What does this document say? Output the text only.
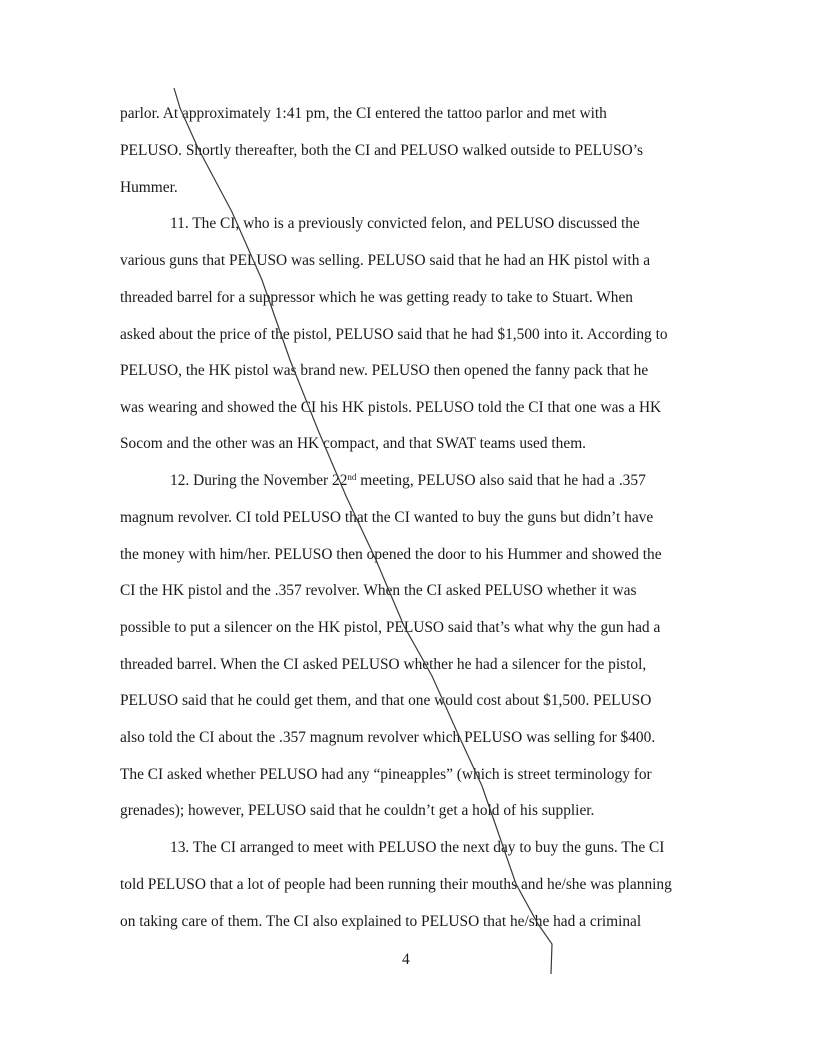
parlor. At approximately 1:41 pm, the CI entered the tattoo parlor and met with
PELUSO. Shortly thereafter, both the CI and PELUSO walked outside to PELUSO’s
Hummer.
11. The CI, who is a previously convicted felon, and PELUSO discussed the
various guns that PELUSO was selling. PELUSO said that he had an HK pistol with a
threaded barrel for a suppressor which he was getting ready to take to Stuart. When
asked about the price of the pistol, PELUSO said that he had $1,500 into it. According to
PELUSO, the HK pistol was brand new. PELUSO then opened the fanny pack that he
was wearing and showed the CI his HK pistols. PELUSO told the CI that one was a HK
Socom and the other was an HK compact, and that SWAT teams used them.
12. During the November 22nd meeting, PELUSO also said that he had a .357
magnum revolver. CI told PELUSO that the CI wanted to buy the guns but didn’t have
the money with him/her. PELUSO then opened the door to his Hummer and showed the
CI the HK pistol and the .357 revolver. When the CI asked PELUSO whether it was
possible to put a silencer on the HK pistol, PELUSO said that’s what why the gun had a
threaded barrel. When the CI asked PELUSO whether he had a silencer for the pistol,
PELUSO said that he could get them, and that one would cost about $1,500. PELUSO
also told the CI about the .357 magnum revolver which PELUSO was selling for $400.
The CI asked whether PELUSO had any “pineapples” (which is street terminology for
grenades); however, PELUSO said that he couldn’t get a hold of his supplier.
13. The CI arranged to meet with PELUSO the next day to buy the guns. The CI
told PELUSO that a lot of people had been running their mouths and he/she was planning
on taking care of them. The CI also explained to PELUSO that he/she had a criminal
4
